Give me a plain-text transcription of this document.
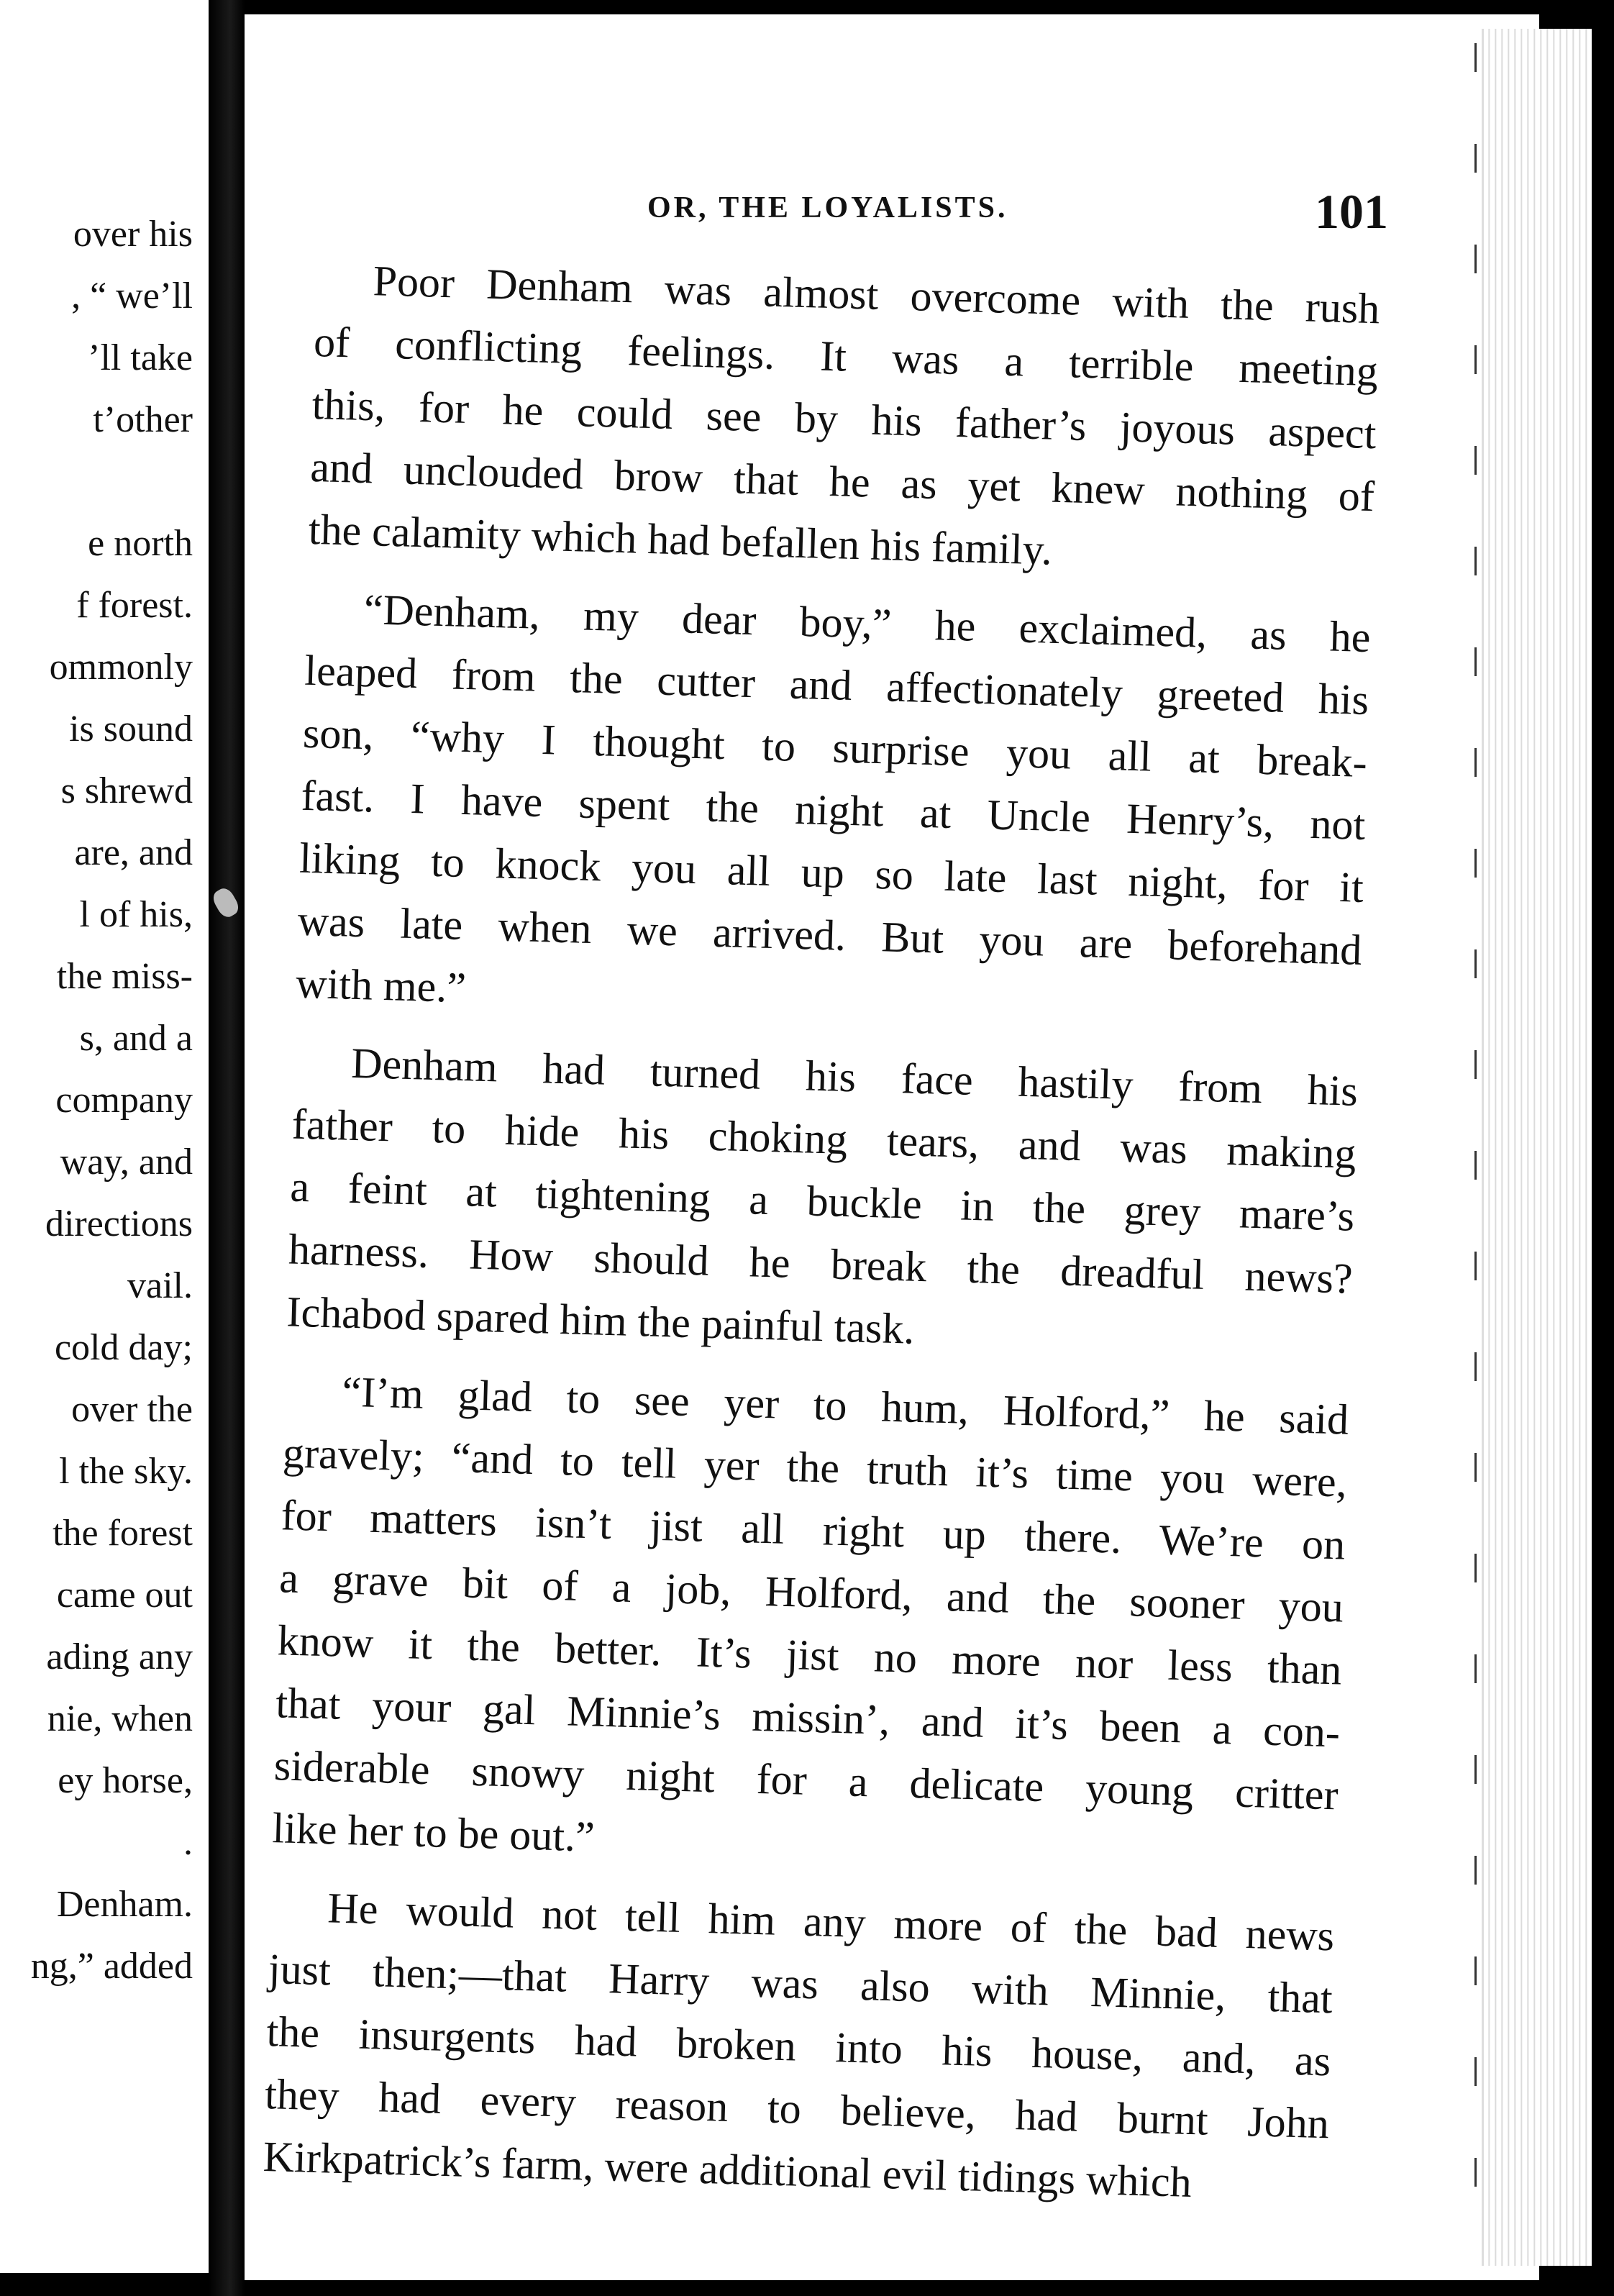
over his
, “ we’ll
’ll take
t’other
e north
f forest.
ommonly
is sound
s shrewd
are, and
l of his,
the miss-
s, and a
company
way, and
directions
vail.
cold day;
over the
l the sky.
the forest
came out
ading any
nie, when
ey horse,
.
Denham.
ng,” added
OR, THE LOYALISTS.	101
Poor Denham was almost overcome with the rush
of conflicting feelings. It was a terrible meeting
this, for he could see by his father’s joyous aspect
and unclouded brow that he as yet knew nothing of
the calamity which had befallen his family.
“Denham, my dear boy,” he exclaimed, as he
leaped from the cutter and affectionately greeted his
son, “why I thought to surprise you all at break-
fast. I have spent the night at Uncle Henry’s, not
liking to knock you all up so late last night, for it
was late when we arrived. But you are beforehand
with me.”
Denham had turned his face hastily from his
father to hide his choking tears, and was making
a feint at tightening a buckle in the grey mare’s
harness. How should he break the dreadful news?
Ichabod spared him the painful task.
“I’m glad to see yer to hum, Holford,” he said
gravely; “and to tell yer the truth it’s time you were,
for matters isn’t jist all right up there. We’re on
a grave bit of a job, Holford, and the sooner you
know it the better. It’s jist no more nor less than
that your gal Minnie’s missin’, and it’s been a con-
siderable snowy night for a delicate young critter
like her to be out.”
He would not tell him any more of the bad news
just then;—that Harry was also with Minnie, that
the insurgents had broken into his house, and, as
they had every reason to believe, had burnt John
Kirkpatrick’s farm, were additional evil tidings which
